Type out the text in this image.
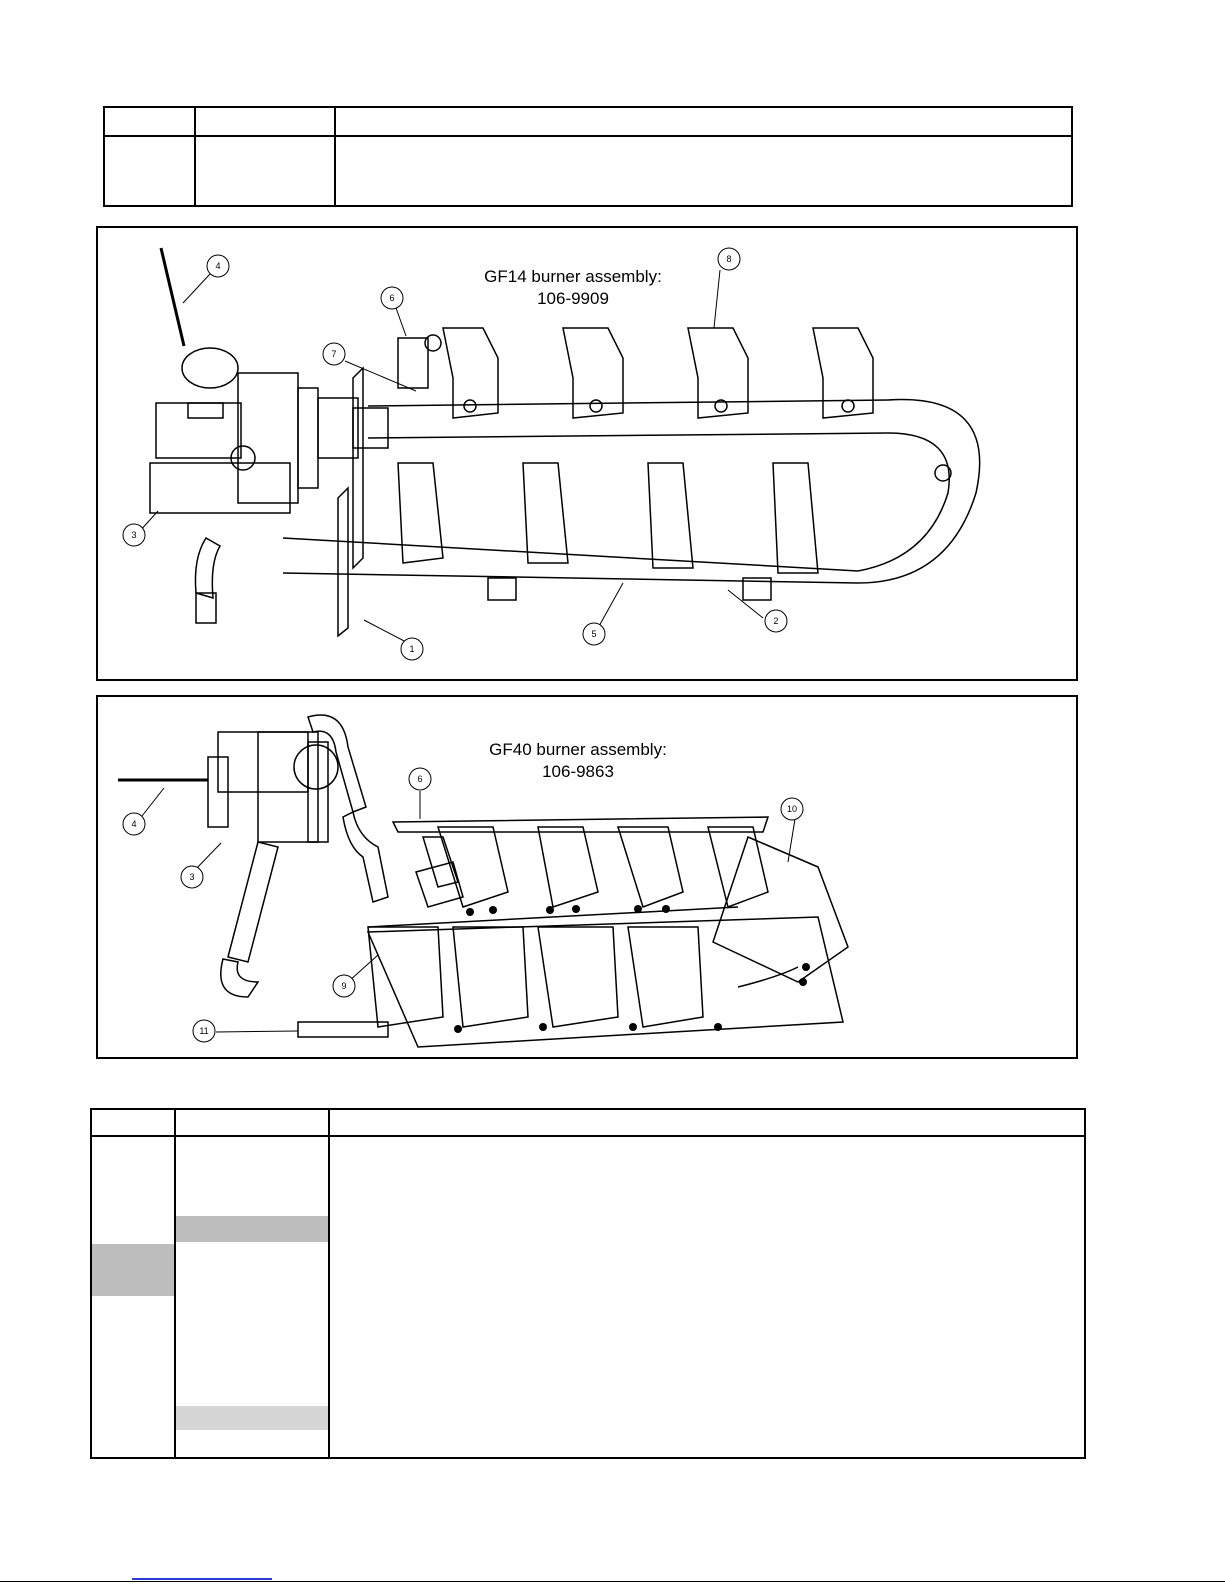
GF14 burner assembly:
106-9909
4
6
7
8
3
1
5
2
GF40 burner assembly:
106-9863
6
10
4
3
9
11
